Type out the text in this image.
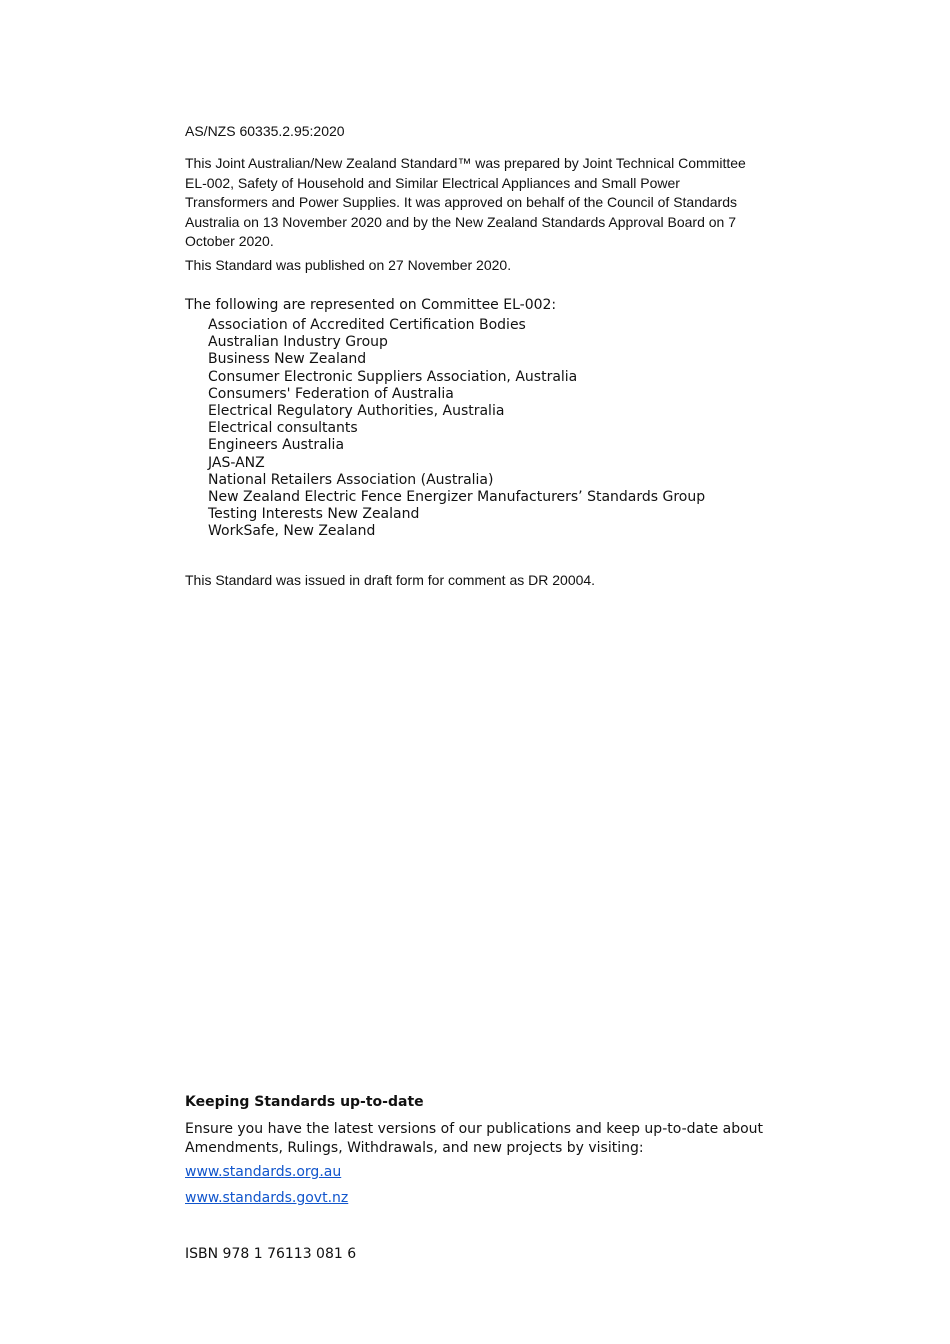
AS/NZS 60335.2.95:2020
This Joint Australian/New Zealand Standard™ was prepared by Joint Technical Committee EL-002, Safety of Household and Similar Electrical Appliances and Small Power Transformers and Power Supplies. It was approved on behalf of the Council of Standards Australia on 13 November 2020 and by the New Zealand Standards Approval Board on 7 October 2020.
This Standard was published on 27 November 2020.
The following are represented on Committee EL-002:
Association of Accredited Certification Bodies
Australian Industry Group
Business New Zealand
Consumer Electronic Suppliers Association, Australia
Consumers' Federation of Australia
Electrical Regulatory Authorities, Australia
Electrical consultants
Engineers Australia
JAS-ANZ
National Retailers Association (Australia)
New Zealand Electric Fence Energizer Manufacturers’ Standards Group
Testing Interests New Zealand
WorkSafe, New Zealand
This Standard was issued in draft form for comment as DR 20004.
Keeping Standards up-to-date
Ensure you have the latest versions of our publications and keep up-to-date about Amendments, Rulings, Withdrawals, and new projects by visiting:
www.standards.org.au
www.standards.govt.nz
ISBN 978 1 76113 081 6
